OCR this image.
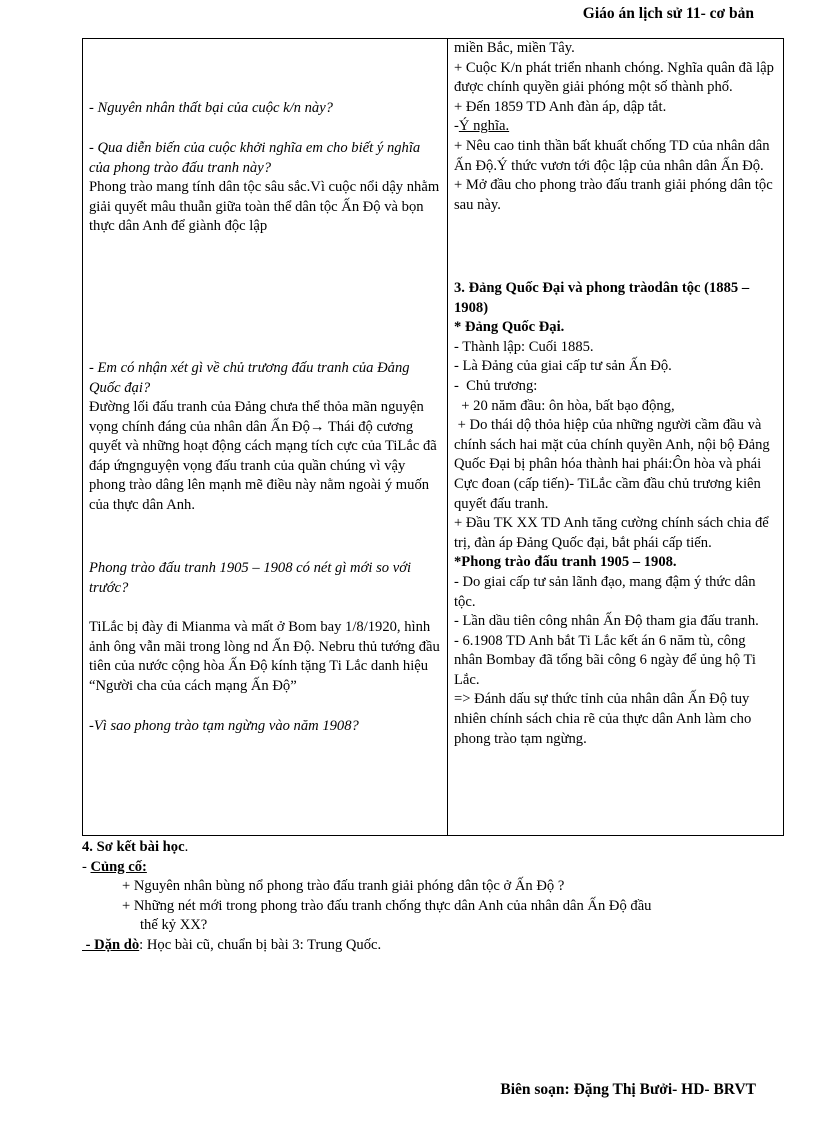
Giáo án lịch sử 11- cơ bản

- Nguyên nhân thất bại của cuộc k/n này?

- Qua diễn biến của cuộc khởi nghĩa em cho biết ý nghĩa của phong trào đấu tranh này?

Phong trào mang tính dân tộc sâu sắc.Vì cuộc nổi dậy nhằm giải quyết mâu thuẫn giữa toàn thể dân tộc Ấn Độ và bọn thực dân Anh để giành độc lập

- Em có nhận xét gì về chủ trương đấu tranh của Đảng Quốc đại?

Đường lối đấu tranh của Đảng chưa thể thỏa mãn nguyện vọng chính đáng của nhân dân Ấn Độ→ Thái độ cương quyết và những hoạt động cách mạng tích cực của TiLắc đã đáp ứngnguyện vọng đấu tranh của quần chúng vì vậy phong trào dâng lên mạnh mẽ điều này nằm ngoài ý muốn của thực dân Anh.

Phong trào đấu tranh 1905 – 1908 có nét gì mới so với trước?

TiLắc bị đày đi Mianma và mất ở Bom bay 1/8/1920, hình ảnh ông vẫn mãi trong lòng nd Ấn Độ. Nebru thủ tướng đầu tiên của nước cộng hòa Ấn Độ kính tặng Ti Lắc danh hiệu “Người cha của cách mạng Ấn Độ”

-Vì sao phong trào tạm ngừng vào năm 1908?

miền Bắc, miền Tây.

+ Cuộc K/n phát triển nhanh chóng. Nghĩa quân đã lập được chính quyền giải phóng một số thành phố.

+ Đến 1859 TD Anh đàn áp, dập tắt.

-Ý nghĩa.

+ Nêu cao tinh thần bất khuất chống TD của nhân dân Ấn Độ.Ý thức vươn tới độc lập của nhân dân Ấn Độ.

+ Mở đầu cho phong trào đấu tranh giải phóng dân tộc sau này.

3. Đảng Quốc Đại và phong tràodân tộc (1885 – 1908)

* Đảng Quốc Đại.

- Thành lập: Cuối 1885.

- Là Đảng của giai cấp tư sản Ấn Độ.

-  Chủ trương:

+ 20 năm đầu: ôn hòa, bất bạo động,

+ Do thái dộ thỏa hiệp của những người cầm đầu và chính sách hai mặt của chính quyền Anh, nội bộ Đảng Quốc Đại bị phân hóa thành hai phái:Ôn hòa và phái  Cực đoan (cấp tiến)- TiLắc cầm đầu chủ trương kiên quyết đấu tranh.

+ Đầu TK XX TD Anh tăng cường chính sách chia để trị, đàn áp Đảng Quốc đại, bắt phái cấp tiến.

*Phong trào đấu tranh 1905 – 1908.

- Do giai cấp tư sản lãnh đạo, mang đậm ý thức dân tộc.

- Lần dầu tiên công nhân Ấn Độ tham gia đấu tranh.

- 6.1908 TD Anh bắt Ti Lắc kết án 6 năm tù, công nhân Bombay đã tổng bãi công 6 ngày để ủng hộ Ti Lắc.

=> Đánh dấu sự thức tỉnh của nhân dân Ấn Độ tuy nhiên chính sách chia rẽ của thực dân Anh làm cho phong trào tạm ngừng.

4. Sơ kết bài học.

- Củng cố:

+ Nguyên nhân bùng nổ phong trào đấu tranh giải phóng dân tộc ở Ấn Độ ?

+ Những nét mới trong phong trào đấu tranh chống thực dân Anh của nhân dân Ấn Độ đầu

thế kỷ XX?

- Dặn dò: Học bài cũ, chuẩn bị bài 3: Trung Quốc.

Biên soạn: Đặng Thị Bưởi- HD- BRVT
